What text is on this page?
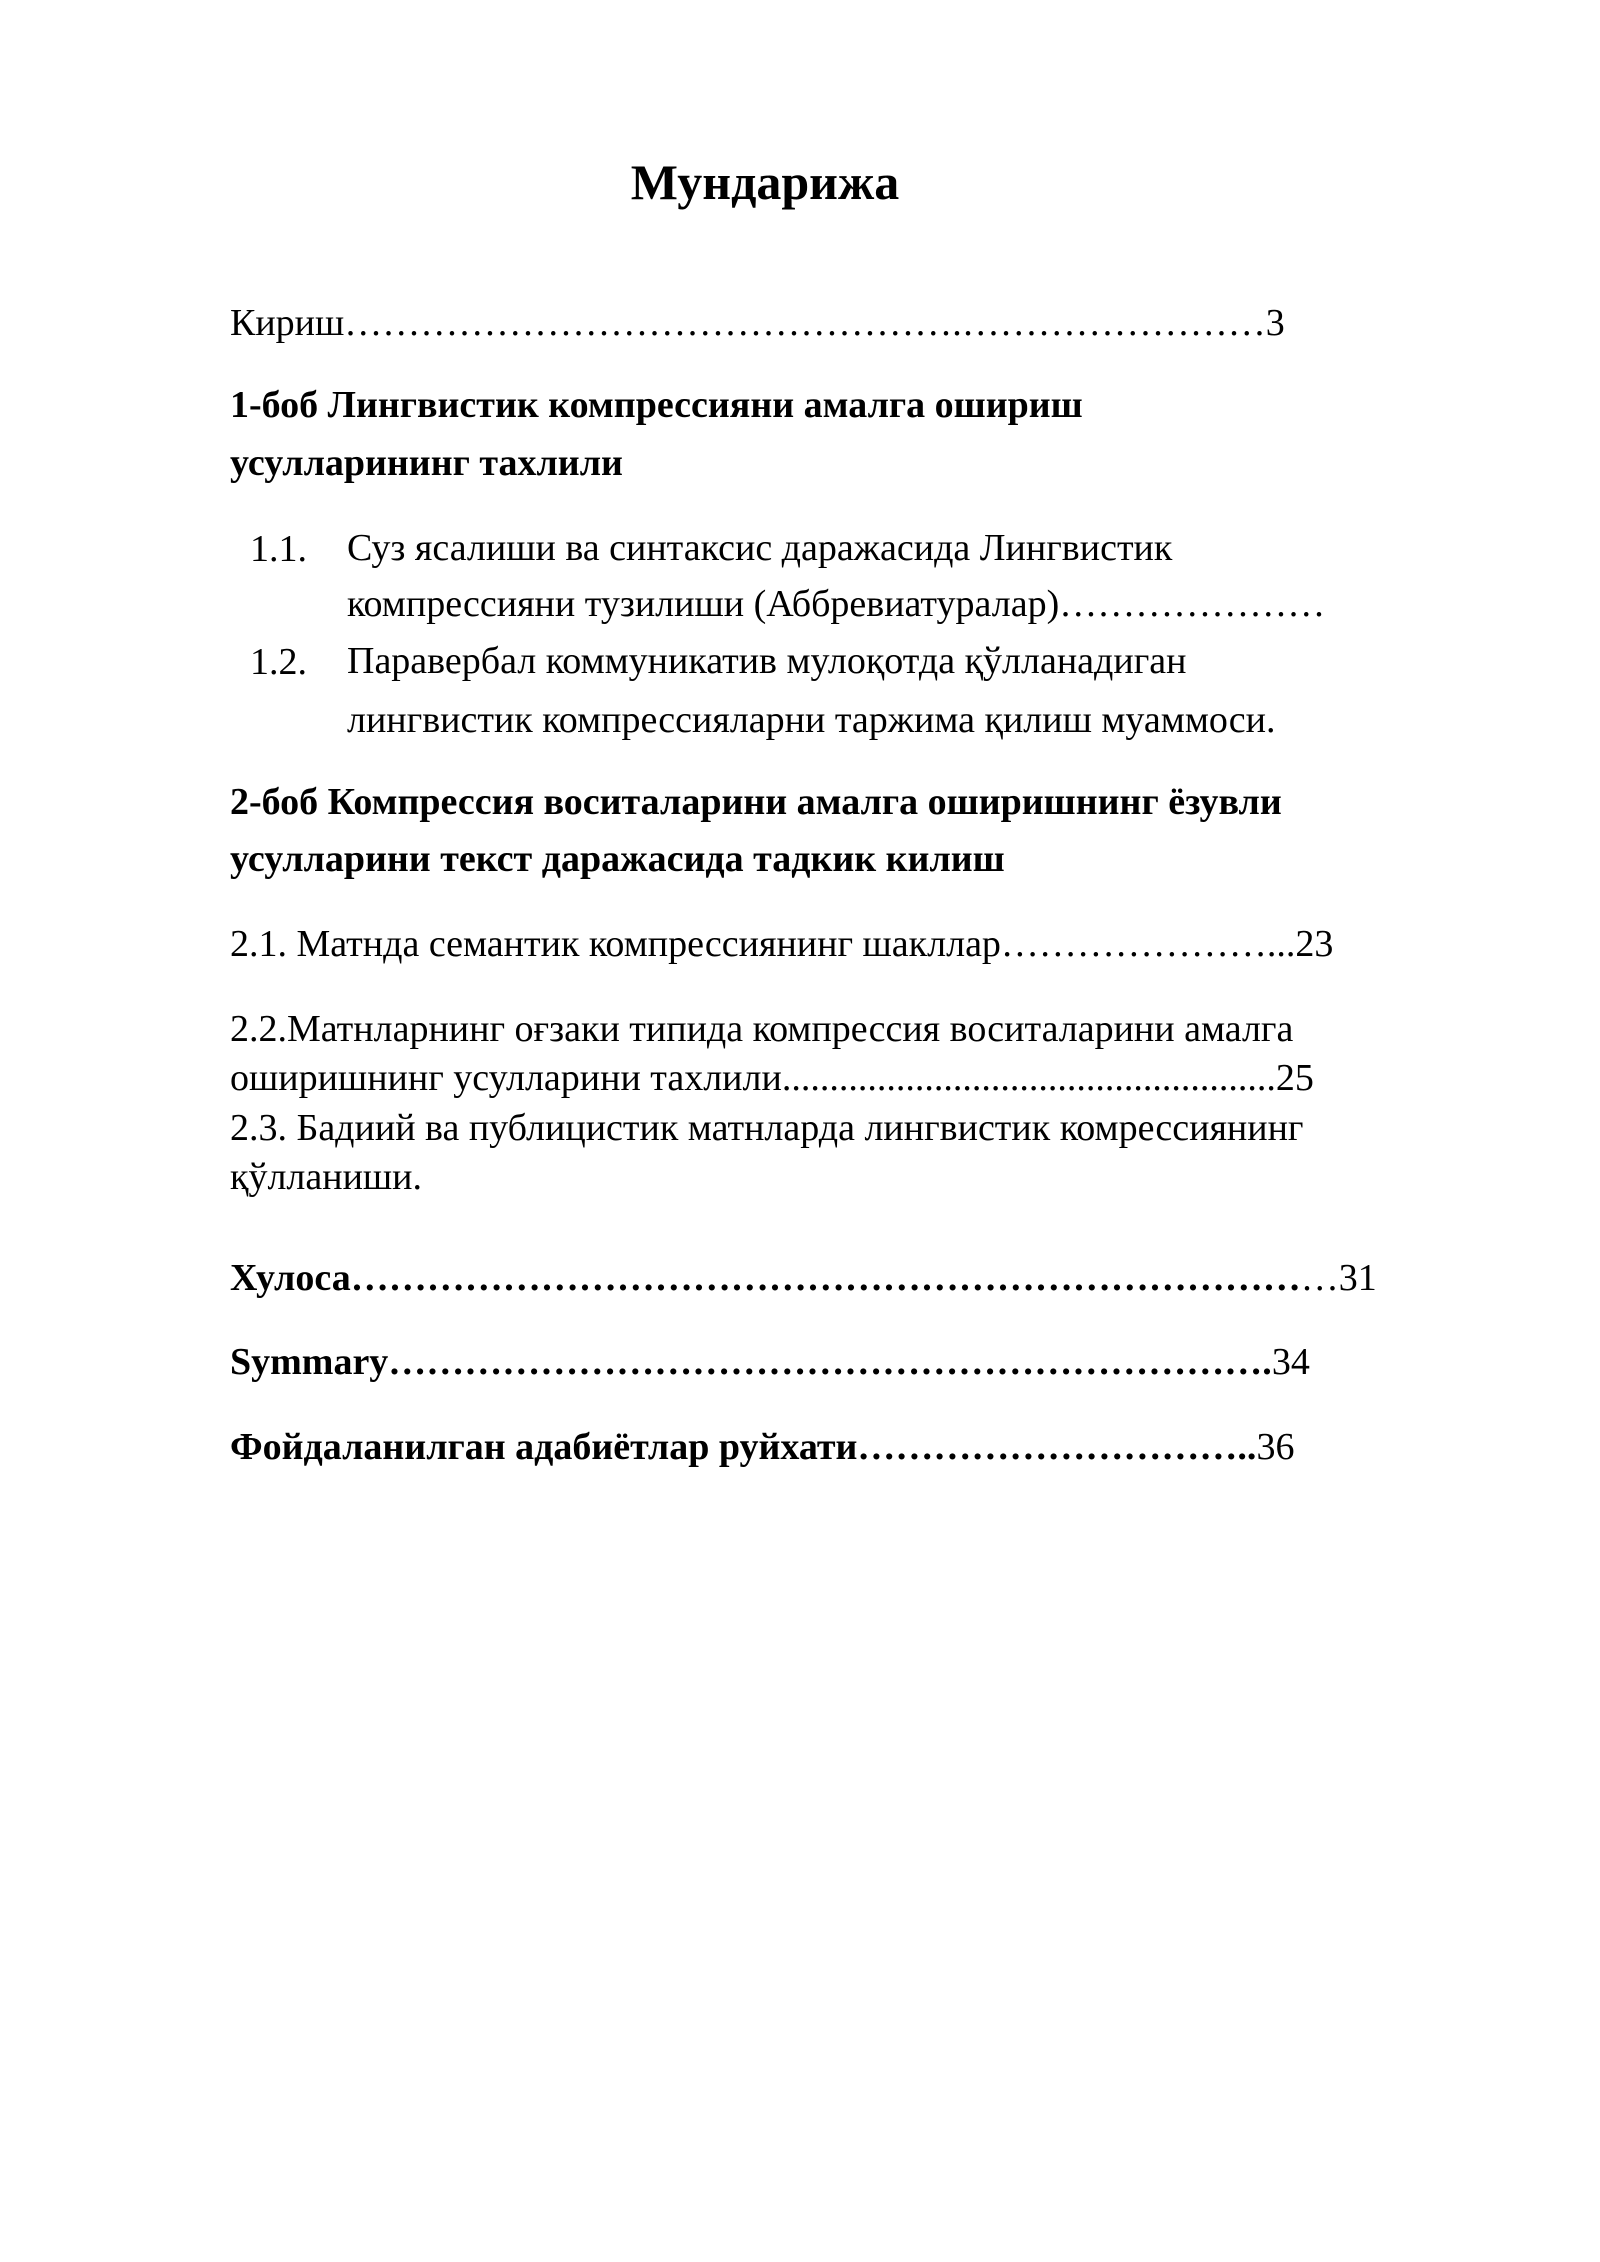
Мундарижа
Кириш………………………………………….……………………3
1-боб Лингвистик компрессияни амалга ошириш
усулларининг тахлили
1.1. Суз ясалиши ва синтаксис даражасида Лингвистик
компрессияни тузилиши (Аббревиатуралар)…………………
1.2. Паравербал коммуникатив мулоқотда қўлланадиган
лингвистик компрессияларни таржима қилиш муаммоси.
2-боб Компрессия воситаларини амалга оширишнинг ёзувли
усулларини текст даражасида тадкик килиш
2.1. Матнда семантик компрессиянинг шакллар…………………...23
2.2.Матнларнинг оғзаки типида компрессия воситаларини амалга
оширишнинг усулларини тахлили....................................................25
2.3. Бадиий ва публицистик матнларда лингвистик комрессиянинг
қўлланиши.
Хулоса……………………………………………………………………31
Symmary…………………………………………………………….34
Фойдаланилган адабиётлар руйхати…………………………..36
